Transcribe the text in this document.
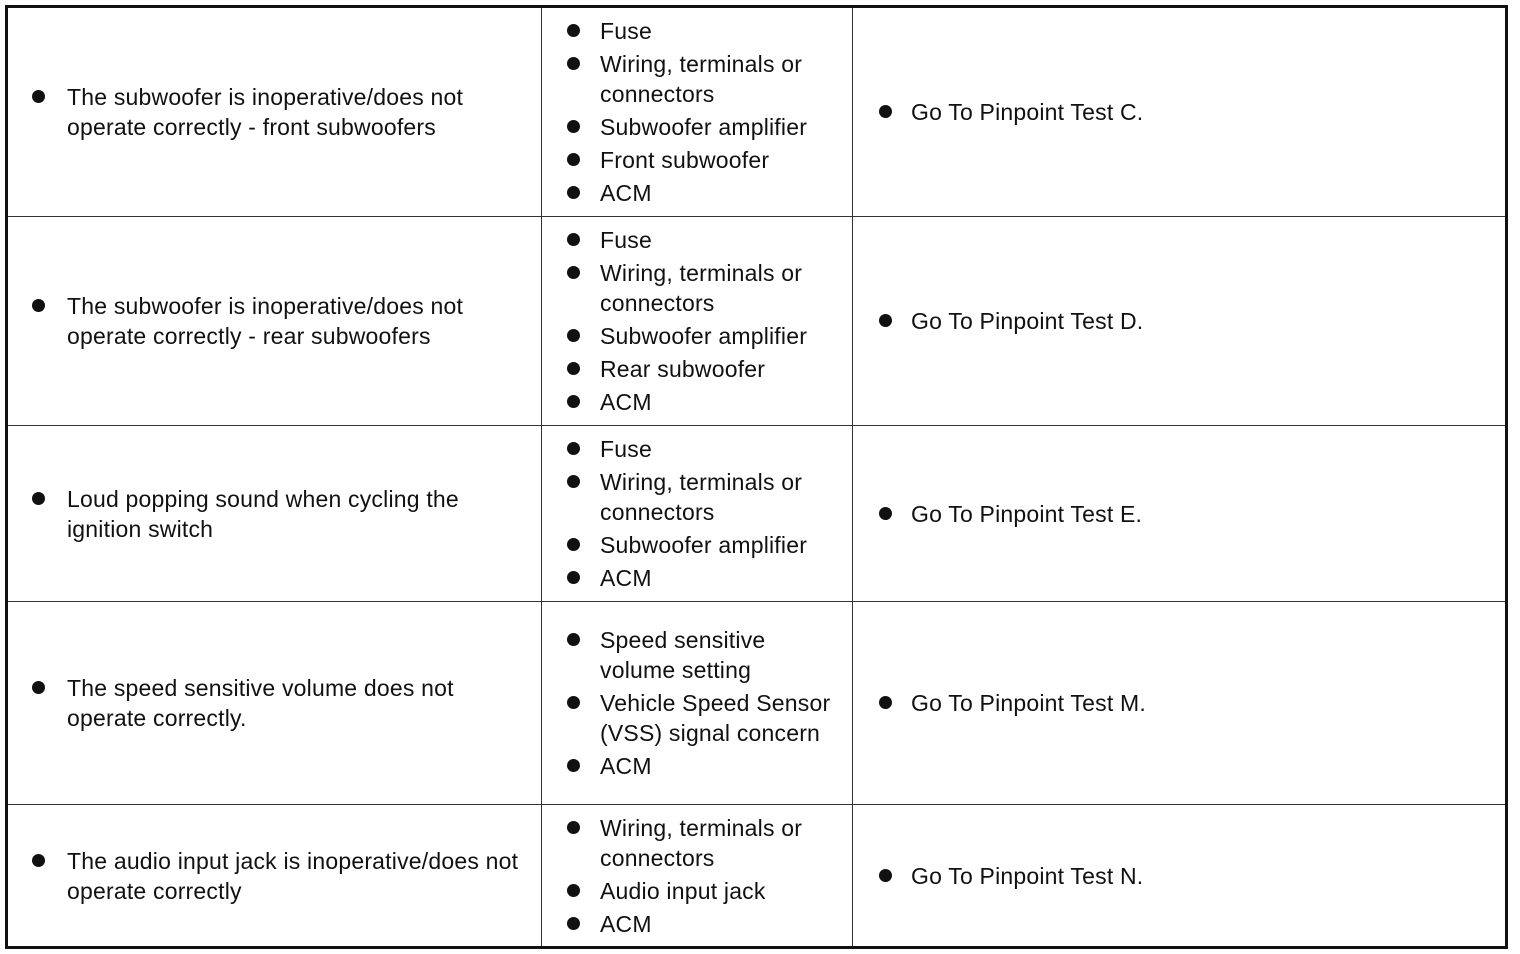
The subwoofer is inoperative/does not operate correctly - front subwoofers
Fuse
Wiring, terminals or connectors
Subwoofer amplifier
Front subwoofer
ACM
Go To Pinpoint Test C.
The subwoofer is inoperative/does not operate correctly - rear subwoofers
Fuse
Wiring, terminals or connectors
Subwoofer amplifier
Rear subwoofer
ACM
Go To Pinpoint Test D.
Loud popping sound when cycling the ignition switch
Fuse
Wiring, terminals or connectors
Subwoofer amplifier
ACM
Go To Pinpoint Test E.
The speed sensitive volume does not operate correctly.
Speed sensitive volume setting
Vehicle Speed Sensor (VSS) signal concern
ACM
Go To Pinpoint Test M.
The audio input jack is inoperative/does not operate correctly
Wiring, terminals or connectors
Audio input jack
ACM
Go To Pinpoint Test N.
